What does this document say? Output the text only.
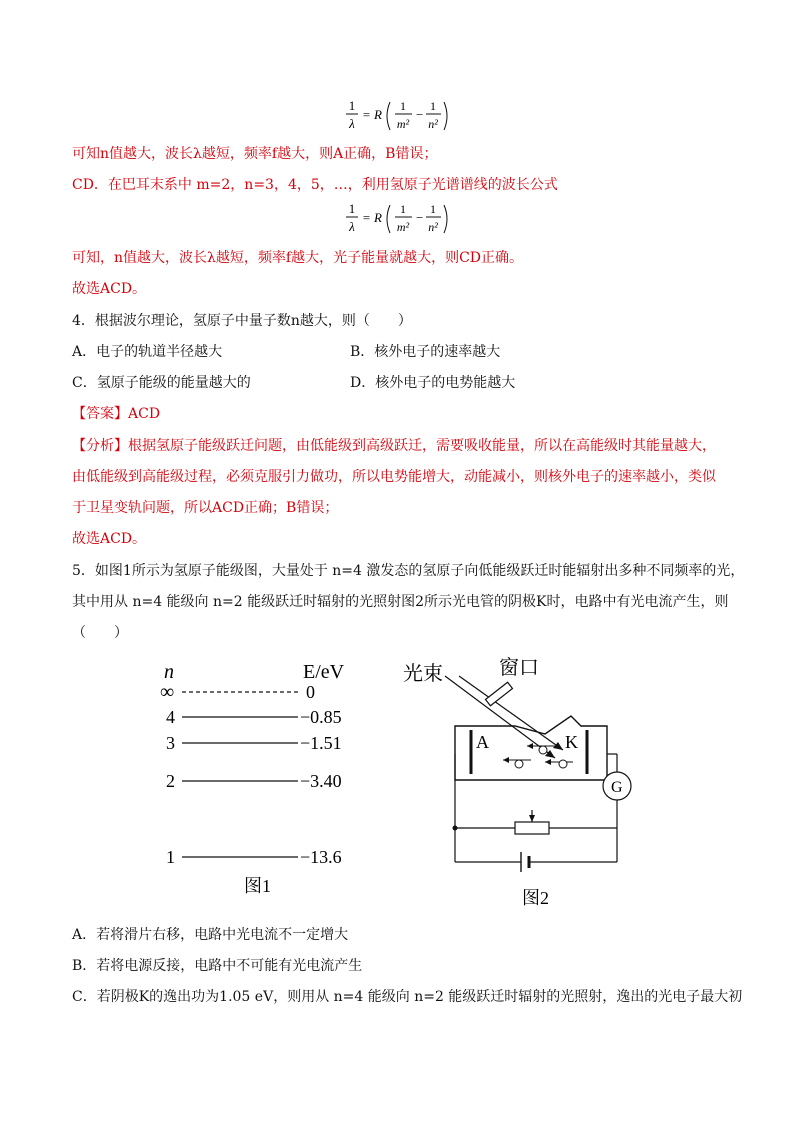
1
λ
= R
1
m²
−
1
n²
可知n值越大，波长λ越短，频率f越大，则A正确，B错误；
CD．在巴耳末系中 m=2，n=3，4，5，…，利用氢原子光谱谱线的波长公式
1
λ
= R
1
m²
−
1
n²
可知，n值越大，波长λ越短，频率f越大，光子能量就越大，则CD正确。
故选ACD。
4．根据波尔理论，氢原子中量子数n越大，则（　　）
A．电子的轨道半径越大	B．核外电子的速率越大
C．氢原子能级的能量越大的	D．核外电子的电势能越大
【答案】ACD
【分析】根据氢原子能级跃迁问题，由低能级到高级跃迁，需要吸收能量，所以在高能级时其能量越大，
由低能级到高能级过程，必须克服引力做功，所以电势能增大，动能减小，则核外电子的速率越小，类似
于卫星变轨问题，所以ACD正确；B错误；
故选ACD。
5．如图1所示为氢原子能级图，大量处于 n=4 激发态的氢原子向低能级跃迁时能辐射出多种不同频率的光，
其中用从 n=4 能级向 n=2 能级跃迁时辐射的光照射图2所示光电管的阴极K时，电路中有光电流产生，则
（　　）
n	E/eV
∞	0
4	−0.85
3	−1.51
2	−3.40
1	−13.6
图1
光束	窗口
A	K
G
图2
A．若将滑片右移，电路中光电流不一定增大
B．若将电源反接，电路中不可能有光电流产生
C．若阴极K的逸出功为1.05 eV，则用从 n=4 能级向 n=2 能级跃迁时辐射的光照射，逸出的光电子最大初
